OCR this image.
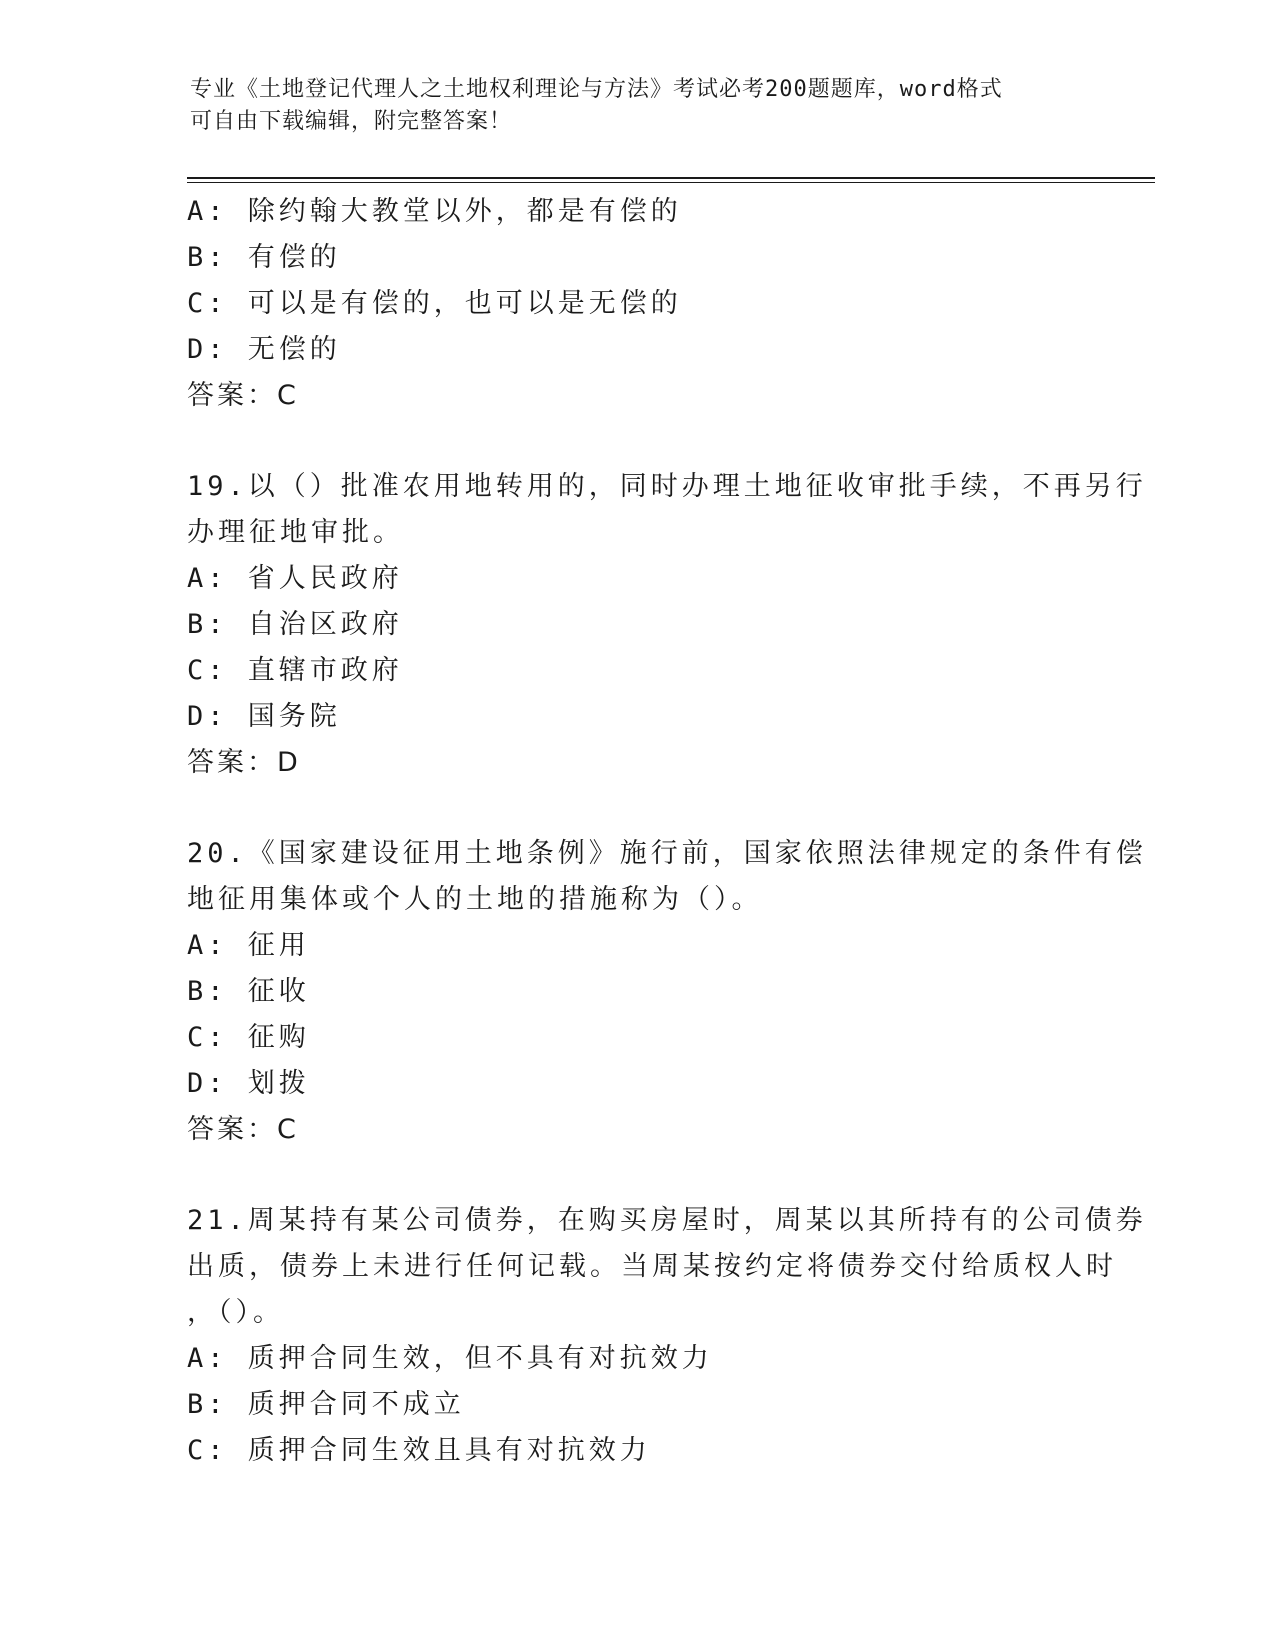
专业《土地登记代理人之土地权利理论与方法》考试必考200题题库，word格式
可自由下载编辑，附完整答案！
A: 除约翰大教堂以外，都是有偿的
B: 有偿的
C: 可以是有偿的，也可以是无偿的
D: 无偿的
答案：C
19.以（）批准农用地转用的，同时办理土地征收审批手续，不再另行
办理征地审批。
A: 省人民政府
B: 自治区政府
C: 直辖市政府
D: 国务院
答案：D
20.《国家建设征用土地条例》施行前，国家依照法律规定的条件有偿
地征用集体或个人的土地的措施称为（）。
A: 征用
B: 征收
C: 征购
D: 划拨
答案：C
21.周某持有某公司债券，在购买房屋时，周某以其所持有的公司债券
出质，债券上未进行任何记载。当周某按约定将债券交付给质权人时
，（）。
A: 质押合同生效，但不具有对抗效力
B: 质押合同不成立
C: 质押合同生效且具有对抗效力
